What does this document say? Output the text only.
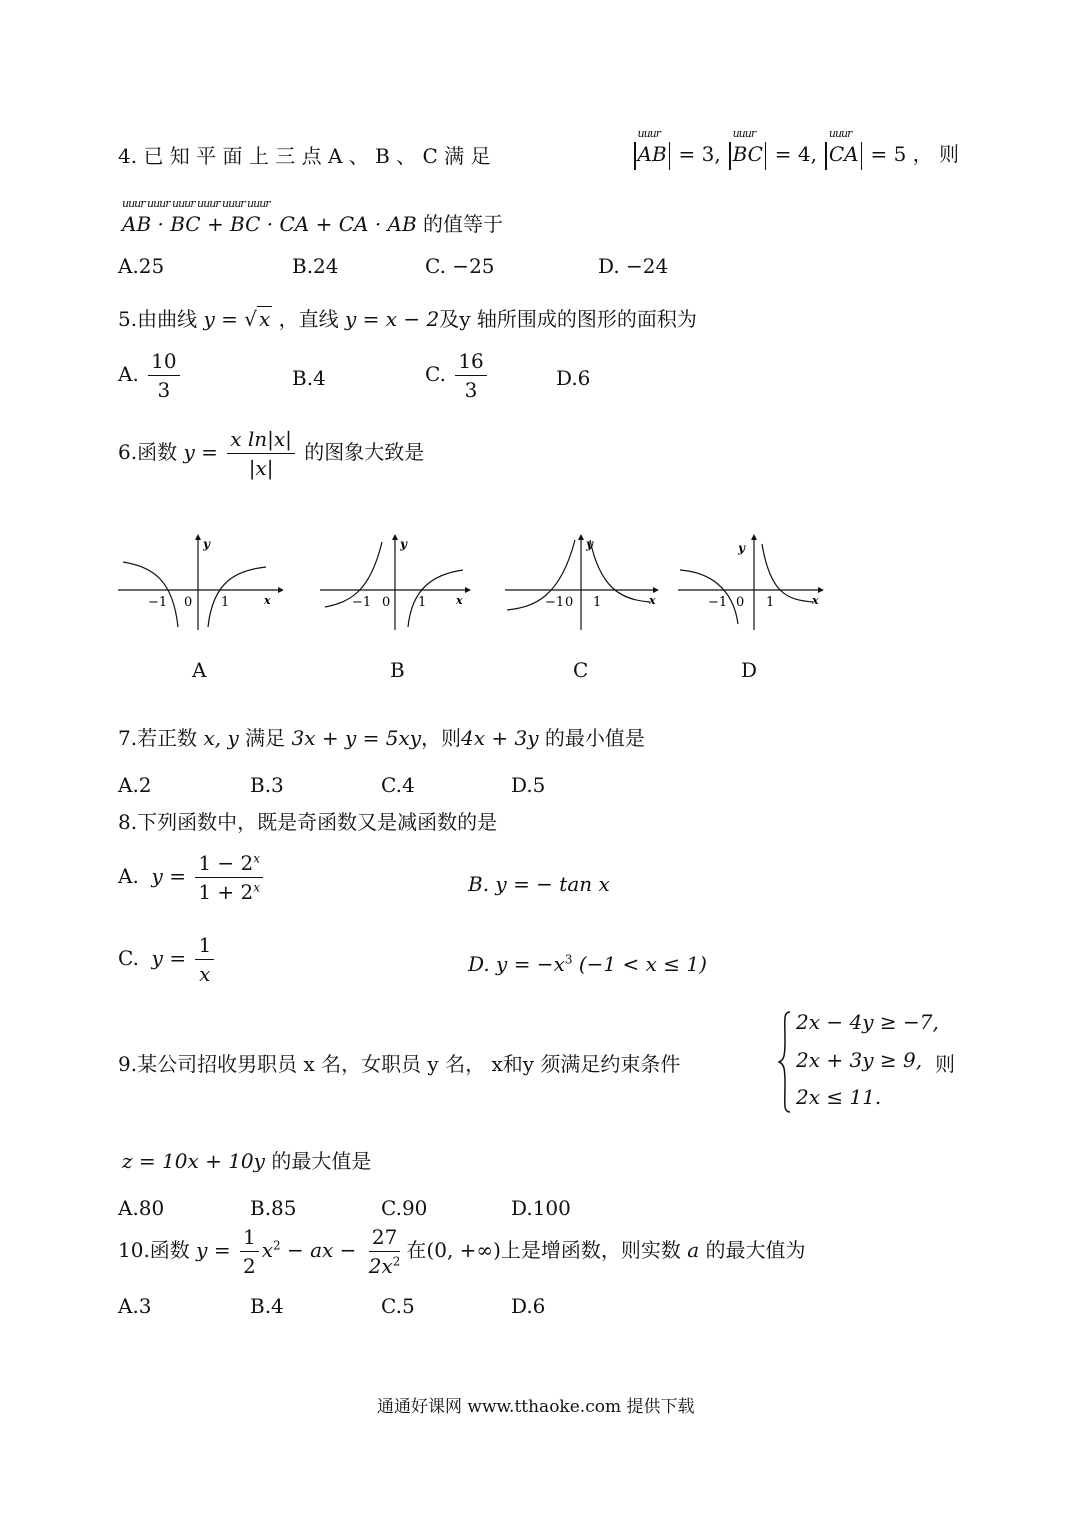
4. 已 知 平 面 上 三 点 A 、 B 、 C 满 足
uuur
AB = 3,
uuur
BC = 4,
uuur
CA = 5 ， 则
uuur uuur uuur uuur uuur uuur
AB · BC + BC · CA + CA · AB 的值等于
A.25	B.24	C. −25	D. −24
5.由曲线 y = √ x ，直线 y = x − 2及y 轴所围成的图形的面积为
A. $\frac{10}{3}$	B.4	C. $\frac{16}{3}$	D.6
6.函数 $y = \frac{\text{x ln|x|}}{|x|}$ 的图象大致是
y
x
−1 0 1
y
x
−1 0 1
y
x
−1 0 1
y
x
−1 0 1
A	B	C	D
7.若正数 x, y 满足 3x + y = 5xy，则4x + 3y 的最小值是
A.2	B.3	C.4	D.5
8.下列函数中，既是奇函数又是减函数的是
A. $y = \frac{1 - 2^x}{1 + 2^x}$	B. y = − tan x
C. $y = \frac{1}{x}$	D. $y = -x^3$ (−1 < x ≤ 1)
9.某公司招收男职员 x 名，女职员 y 名， x和y 须满足约束条件
2x − 4y ≥ −7,
2x + 3y ≥ 9,
2x ≤ 11.
则
z = 10x + 10y 的最大值是
A.80	B.85	C.90	D.100
10.函数 $y = \frac{1}{2} x^2$ − ax − $\frac{27}{2x^2}$ 在(0, +∞)上是增函数，则实数 a 的最大值为
A.3	B.4	C.5	D.6
通通好课网 www.tthaoke.com 提供下载
